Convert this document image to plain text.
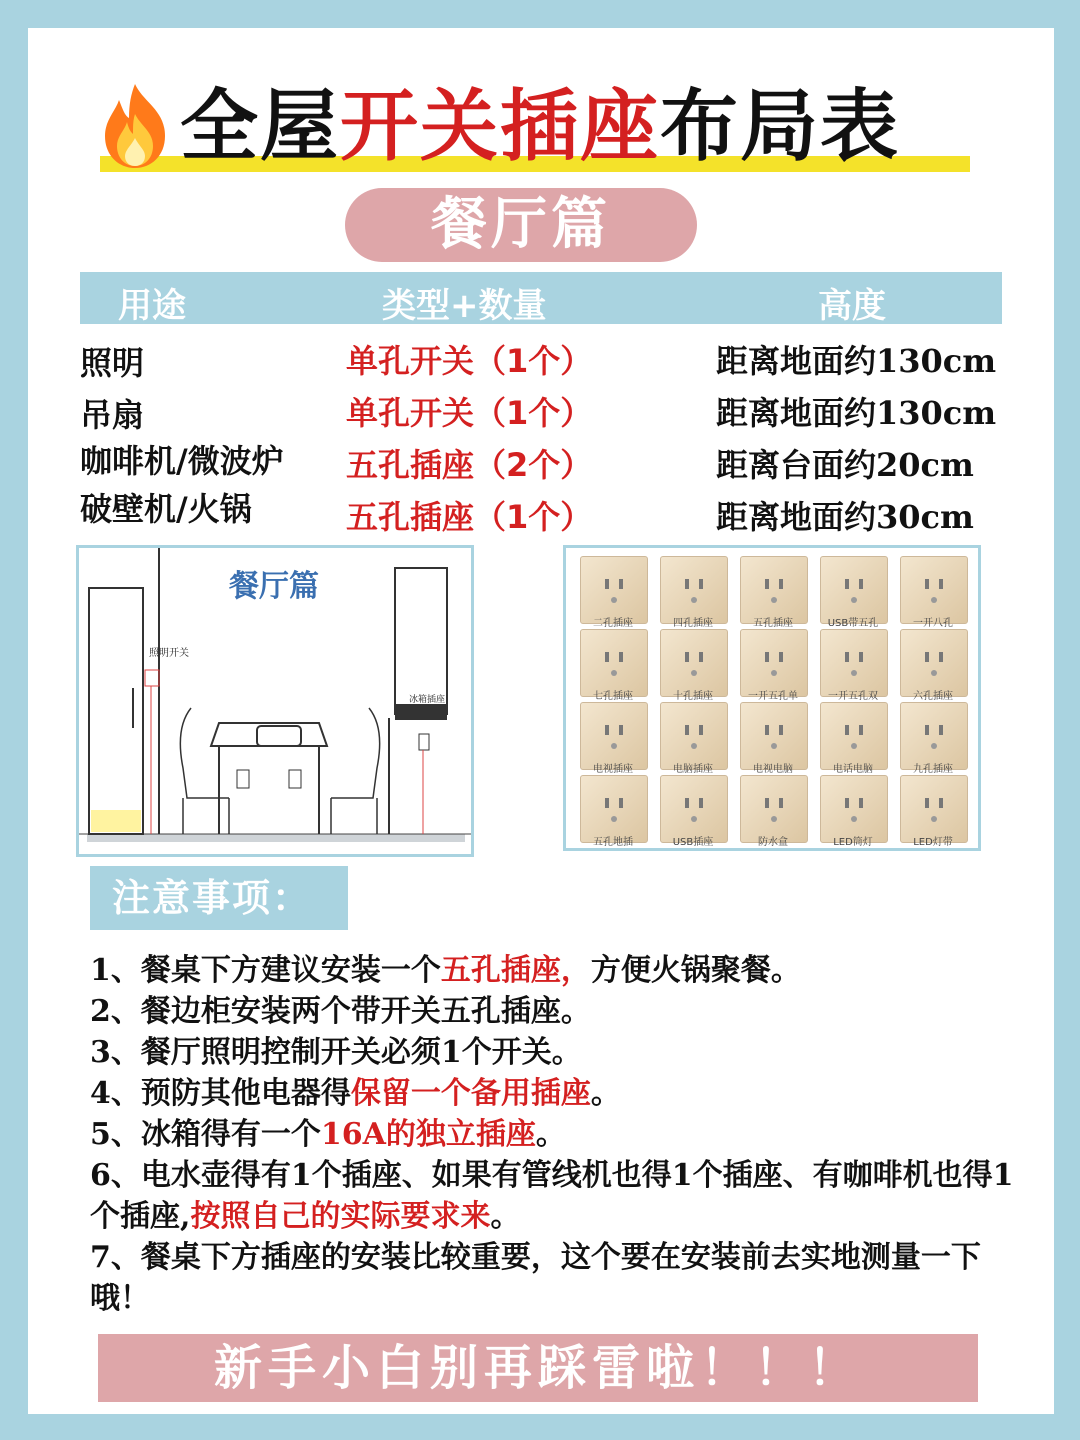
全屋开关插座布局表
餐厅篇
用途	类型+数量	高度
照明	单孔开关（1个）	距离地面约130cm
吊扇	单孔开关（1个）	距离地面约130cm
咖啡机/微波炉 五孔插座（2个）	距离台面约20cm
破壁机/火锅	五孔插座（1个）	距离地面约30cm
照明开关
餐厅篇
冰箱插座
二孔插座	四孔插座	五孔插座	USB带五孔	一开八孔
七孔插座	十孔插座	一开五孔单	一开五孔双	六孔插座
电视插座	电脑插座	电视电脑	电话电脑	九孔插座
五孔地插	USB插座	防水盒	LED筒灯	LED灯带
注意事项：

1、餐桌下方建议安装一个五孔插座，方便火锅聚餐。

2、餐边柜安装两个带开关五孔插座。

3、餐厅照明控制开关必须1个开关。

4、预防其他电器得保留一个备用插座。

5、冰箱得有一个16A的独立插座。

6、电水壶得有1个插座、如果有管线机也得1个插座、有咖啡机也得1个插座,按照自己的实际要求来。

7、餐桌下方插座的安装比较重要，这个要在安装前去实地测量一下哦！

新手小白别再踩雷啦！！！
